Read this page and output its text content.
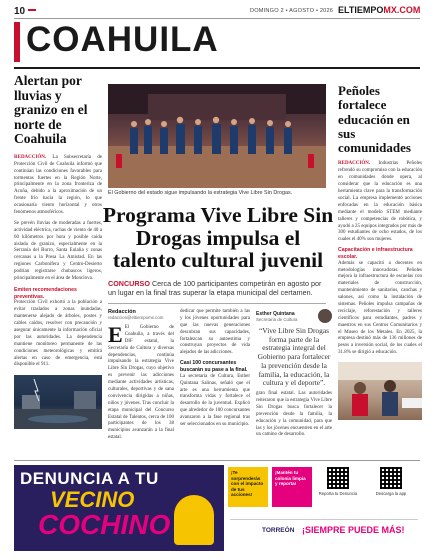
10	DOMINGO 2 • AGOSTO • 2026 ELTIEMPOMX.COM
COAHUILA
Alertan por lluvias y granizo en el norte de Coahuila

REDACCIÓN. La Subsecretaría de Protección Civil de Coahuila informó que continúan las condiciones favorables para tormentas fuertes en la Región Norte, principalmente en la zona fronteriza de Acuña, debido a la aproximación de un frente frío hacia la región, lo que ocasionaría viento horizontal y otros fenómenos atmosféricos.

Se prevén lluvias de moderadas a fuertes, actividad eléctrica, rachas de viento de 40 a 60 kilómetros por hora y posible caída aislada de granizo, especialmente en la Serranía del Burro, Santa Eulalia y zonas cercanas a la Presa La Amistad. En las regiones Carbonífera y Centro-Desierto podrían registrarse chubascos ligeros, principalmente en el área de Monclova.

Emiten recomendaciones preventivas.

Protección Civil exhortó a la población a evitar traslados a zonas inundadas, mantenerse alejado de árboles, postes y cables caídos, resolver con precaución y asegurar únicamente la información oficial por las autoridades. La dependencia mantiene monitoreo permanente de las condiciones meteorológicas y emitirá alertas en caso de emergencia, está disponible el 911.

El Gobierno del estado sigue impulsando la estrategia Vive Libre Sin Drogas.
Programa Vive Libre Sin Drogas impulsa el talento cultural juvenil
CONCURSO Cerca de 100 participantes competirán en agosto por un lugar en la final tras superar la etapa municipal del certamen.
Redacción
redaccion@eltiempomx.com

E El Gobierno de Coahuila, a través del DIF estatal, la Secretaría de Cultura y diversas dependencias, continúa impulsando la estrategia Vive Libre Sin Drogas, cuyo objetivo es prevenir las adicciones mediante actividades artísticas, culturales, deportivas y de sana convivencia dirigidas a niñas, niños y jóvenes. Tras concluir la etapa municipal del Concurso Estatal de Talentos, cerca de 100 participantes de los 38 municipios avanzarán a la final estatal.

dedicar que permite también a las y los jóvenes oportunidades para que las nuevas generaciones descubran sus capacidades, fortalezcan su autoestima y construyan proyectos de vida alejados de las adicciones.

Casi 100 concursantes buscarán su pase a la final.

La secretaria de Cultura, Esther Quintana Salinas, señaló que el arte es una herramienta que transforma vidas y fortalece el desarrollo de la juventud. Explicó que alrededor de 100 concursantes avanzaron a la fase regional tras ser seleccionados en su municipio.

Esther Quintana
Secretaria de Cultura
“Vive Libre Sin Drogas forma parte de la estrategia integral del Gobierno para fortalecer la prevención desde la familia, la educación, la cultura y el deporte”.

gran final estatal. Las autoridades reiteraron que la estrategia Vive Libre Sin Drogas busca fortalecer la prevención desde la familia, la educación y la comunidad, para que las y los jóvenes encuentren en el arte un camino de desarrollo.

Peñoles fortalece educación en sus comunidades

REDACCIÓN. Industrias Peñoles refrendó su compromiso con la educación en comunidades donde opera, al considerar que la educación es una herramienta clave para la transformación social. La empresa implementó acciones enfocadas en la educación básica mediante el modelo STEM mediante talleres y competencias de robótica, y ayudó a 25 equipos integrados por más de 300 estudiantes de ocho estados, de los cuales el 40% son mujeres.

Capacitación e infraestructura escolar.

Además se capacitó a docentes en metodologías innovadoras. Peñoles mejora la infraestructura de escuelas con materiales de construcción, mantenimiento de sanitarios, canchas y salones, así como la instalación de sistemas. Peñoles impulsa campañas de reciclaje, reforestación y talleres científicos para estudiantes, padres y maestros en sus Centros Comunitarios y el Museo de los Metales. En 2025, la empresa destinó más de 136 millones de pesos a inversión social, de los cuales el 31.8% se dirigió a educación.

DENUNCIA A TU
VECINO
COCHINO
¡Te sorprenderás con el impacto de tus acciones!
¡Mantén tu colonia limpia y reporta!
Reporta tu Denuncia	Descarga la app
TORREÓN ¡SIEMPRE PUEDE MÁS!
